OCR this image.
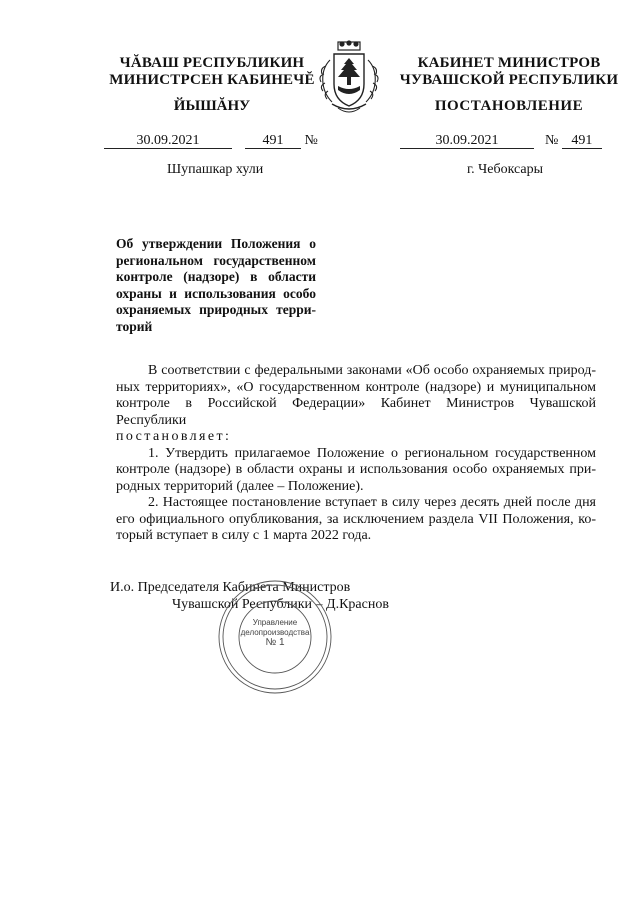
ЧĂВАШ РЕСПУБЛИКИН
МИНИСТРСЕН КАБИНЕЧĔ
ЙЫШĂНУ
КАБИНЕТ МИНИСТРОВ
ЧУВАШСКОЙ РЕСПУБЛИКИ
ПОСТАНОВЛЕНИЕ
30.09.2021	491 №	30.09.2021	№ 491
Шупашкар хули	г. Чебоксары
Об утверждении Положения о
региональном государственном
контроле (надзоре) в области
охраны и использования особо
охраняемых природных терри-
торий

В соответствии с федеральными законами «Об особо охраняемых природ-
ных территориях», «О государственном контроле (надзоре) и муниципальном
контроле в Российской Федерации» Кабинет Министров Чувашской Республики
постановляет:

1. Утвердить прилагаемое Положение о региональном государственном
контроле (надзоре) в области охраны и использования особо охраняемых при-
родных территорий (далее – Положение).

2. Настоящее постановление вступает в силу через десять дней после дня
его официального опубликования, за исключением раздела VII Положения, ко-
торый вступает в силу с 1 марта 2022 года.

И.о. Председателя Кабинета Министров
Чувашской Республики – Д.Краснов
Управление
делопроизводства
№ 1
